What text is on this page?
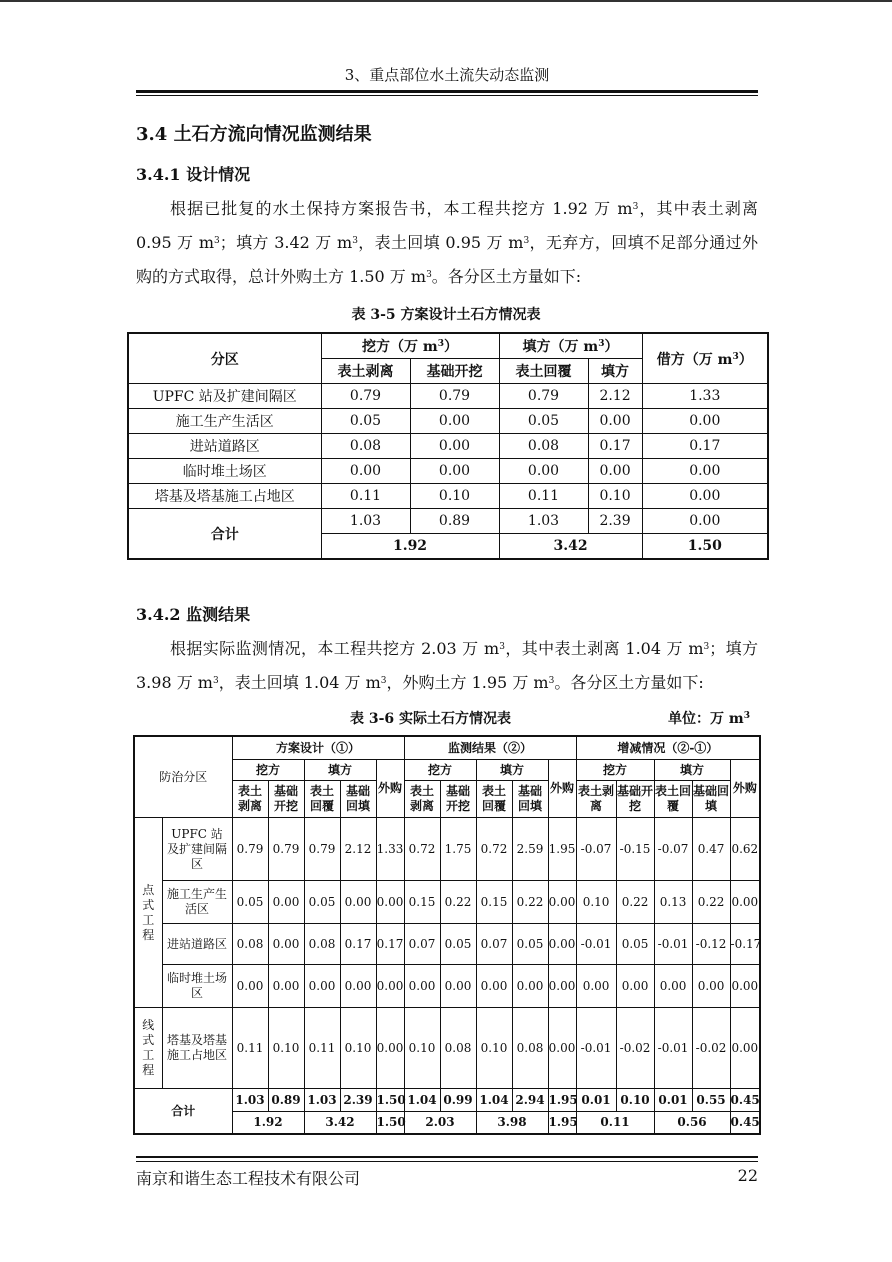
3、重点部位水土流失动态监测
3.4 土石方流向情况监测结果
3.4.1 设计情况
根据已批复的水土保持方案报告书，本工程共挖方 1.92 万 $m^3$，其中表土剥离 0.95 万 $m^3$；填方 3.42 万 $m^3$，表土回填 0.95 万 $m^3$，无弃方，回填不足部分通过外购的方式取得，总计外购土方 1.50 万 $m^3$。各分区土方量如下:
表 3-5 方案设计土石方情况表
分区	挖方（万 $m^3$）		填方（万 $m^3$）		借方（万 $m^3$）
	表土剥离	基础开挖	表土回覆	填方	
UPFC 站及扩建间隔区	0.79	0.79	0.79	2.12	1.33
施工生产生活区	0.05	0.00	0.05	0.00	0.00
进站道路区	0.08	0.00	0.08	0.17	0.17
临时堆土场区	0.00	0.00	0.00	0.00	0.00
塔基及塔基施工占地区	0.11	0.10	0.11	0.10	0.00
合计	1.03	0.89	1.03	2.39	0.00
	1.92		3.42		1.50
3.4.2 监测结果
根据实际监测情况，本工程共挖方 2.03 万 $m^3$，其中表土剥离 1.04 万 $m^3$；填方 3.98 万 $m^3$，表土回填 1.04 万 $m^3$，外购土方 1.95 万 $m^3$。各分区土方量如下:
表 3-6 实际土石方情况表	单位：万 $m^3$
防治分区		方案设计（①）					监测结果（②）					增减情况（②-①）				
		挖方		填方		外购	挖方		填方		外购	挖方		填方		外购
		表土剥离	基础开挖	表土回覆	基础回填		表土剥离	基础开挖	表土回覆	基础回填		表土剥离	基础开挖	表土回覆	基础回填	
点
式
工
程	UPFC 站及扩建间隔区	0.79	0.79	0.79	2.12	1.33	0.72	1.75	0.72	2.59	1.95	-0.07	-0.15	-0.07	0.47	0.62
	施工生产生活区	0.05	0.00	0.05	0.00	0.00	0.15	0.22	0.15	0.22	0.00	0.10	0.22	0.13	0.22	0.00
	进站道路区	0.08	0.00	0.08	0.17	0.17	0.07	0.05	0.07	0.05	0.00	-0.01	0.05	-0.01	-0.12	-0.17
	临时堆土场区	0.00	0.00	0.00	0.00	0.00	0.00	0.00	0.00	0.00	0.00	0.00	0.00	0.00	0.00	0.00
线
式
工
程	塔基及塔基施工占地区	0.11	0.10	0.11	0.10	0.00	0.10	0.08	0.10	0.08	0.00	-0.01	-0.02	-0.01	-0.02	0.00
合计		1.03	0.89	1.03	2.39	1.50	1.04	0.99	1.04	2.94	1.95	0.01	0.10	0.01	0.55	0.45
		1.92		3.42		1.50	2.03		3.98		1.95	0.11		0.56		0.45
南京和谐生态工程技术有限公司	22
